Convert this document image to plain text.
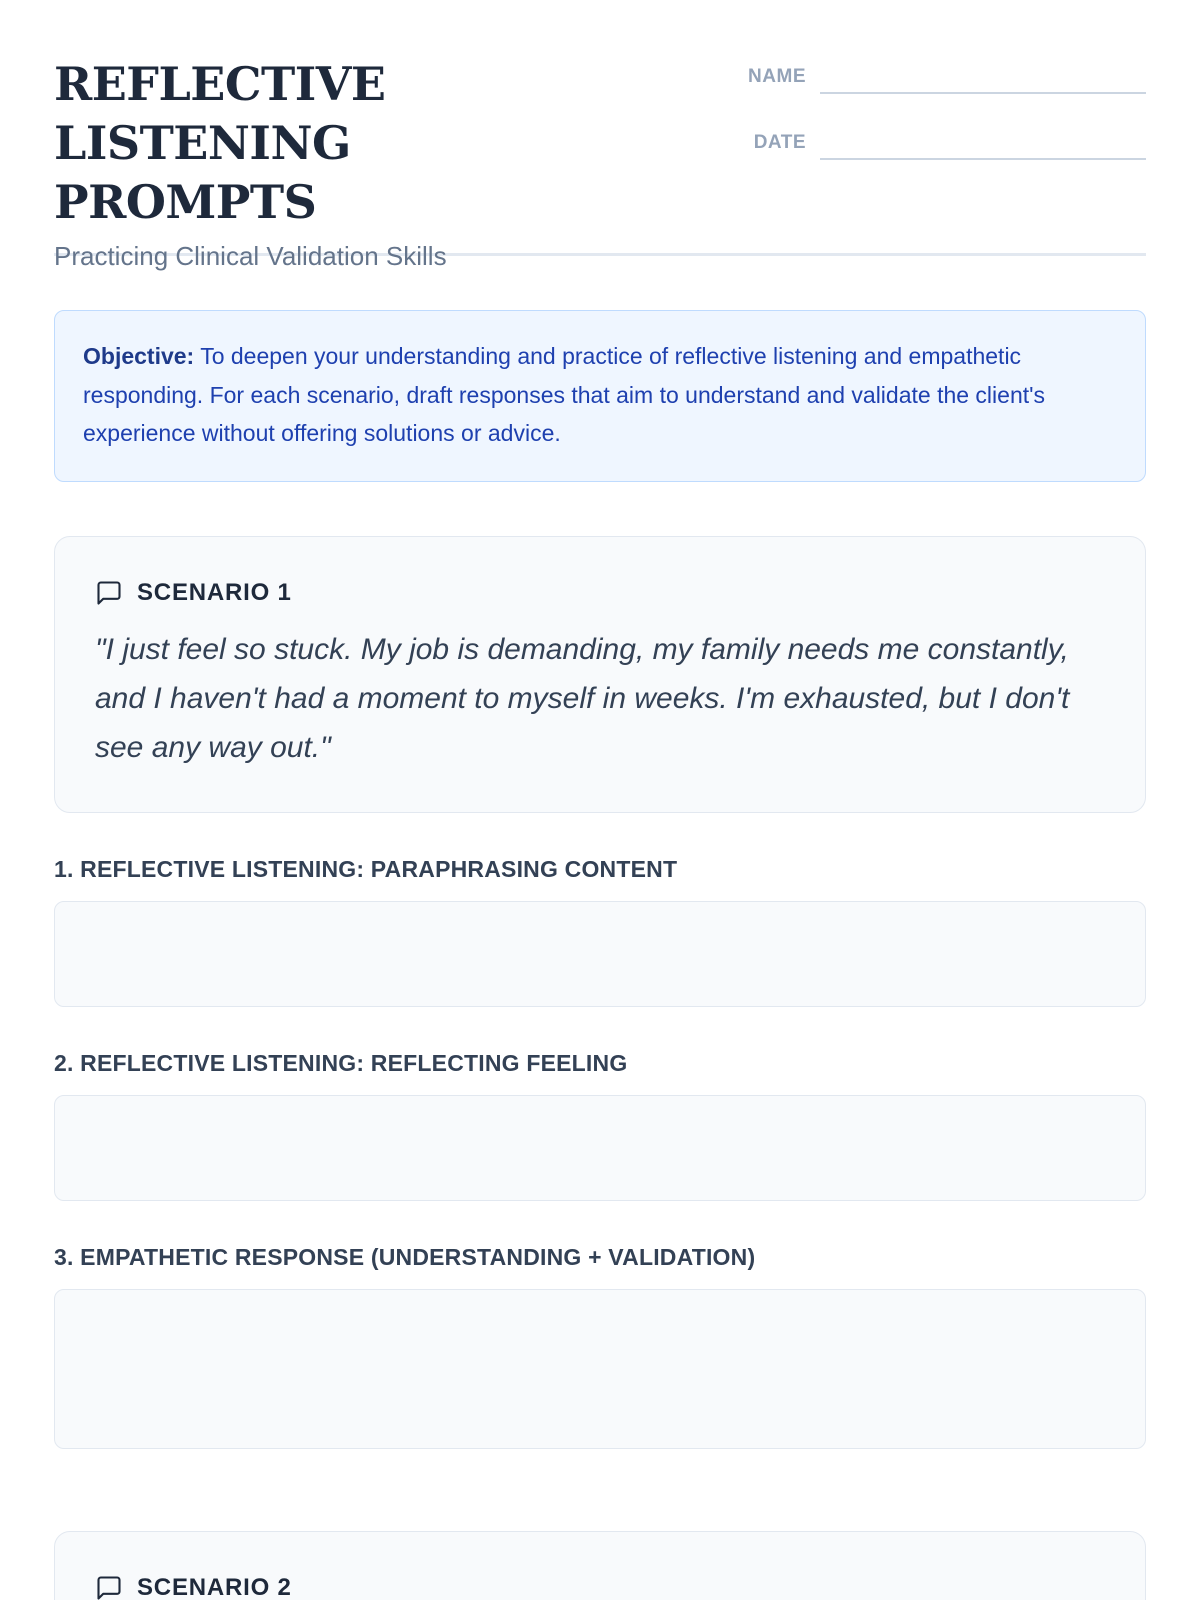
REFLECTIVE LISTENING
PROMPTS
Practicing Clinical Validation Skills
NAME
DATE
Objective: To deepen your understanding and practice of reflective listening and empathetic responding. For each scenario, draft responses that aim to understand and validate the client's experience without offering solutions or advice.
SCENARIO 1

"I just feel so stuck. My job is demanding, my family needs me constantly, and I haven't had a moment to myself in weeks. I'm exhausted, but I don't see any way out."

1. REFLECTIVE LISTENING: PARAPHRASING CONTENT
2. REFLECTIVE LISTENING: REFLECTING FEELING
3. EMPATHETIC RESPONSE (UNDERSTANDING + VALIDATION)
SCENARIO 2
